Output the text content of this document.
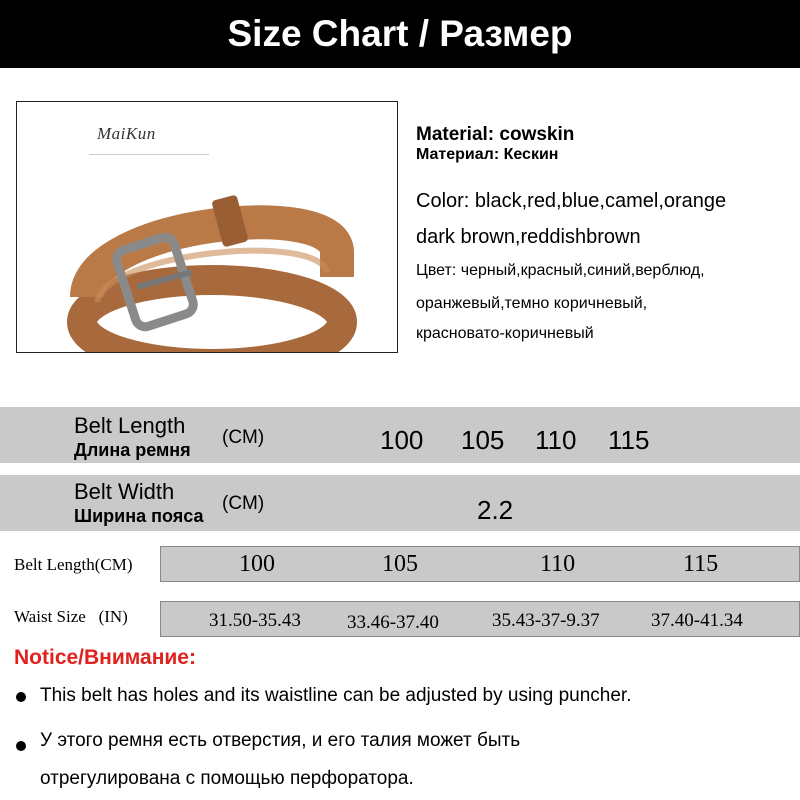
Size Chart / Размер
MaiKun	Material: cowskin
Материал: Кескин
Color: black,red,blue,camel,orange
dark brown,reddishbrown
Цвет: черный,красный,синий,верблюд,
оранжевый,темно коричневый,
красновато-коричневый
Belt Length
Длина ремня
(CM)	100 105 110 115
Belt Width
Ширина пояса
(CM)	2.2
Belt Length(CM)	100	105	110	115
Waist Size (IN)	31.50-35.43 33.46-37.40	35.43-37-9.37	37.40-41.34
Notice/Внимание:
This belt has holes and its waistline can be adjusted by using puncher.
У этого ремня есть отверстия, и его талия может быть
отрегулирована с помощью перфоратора.
